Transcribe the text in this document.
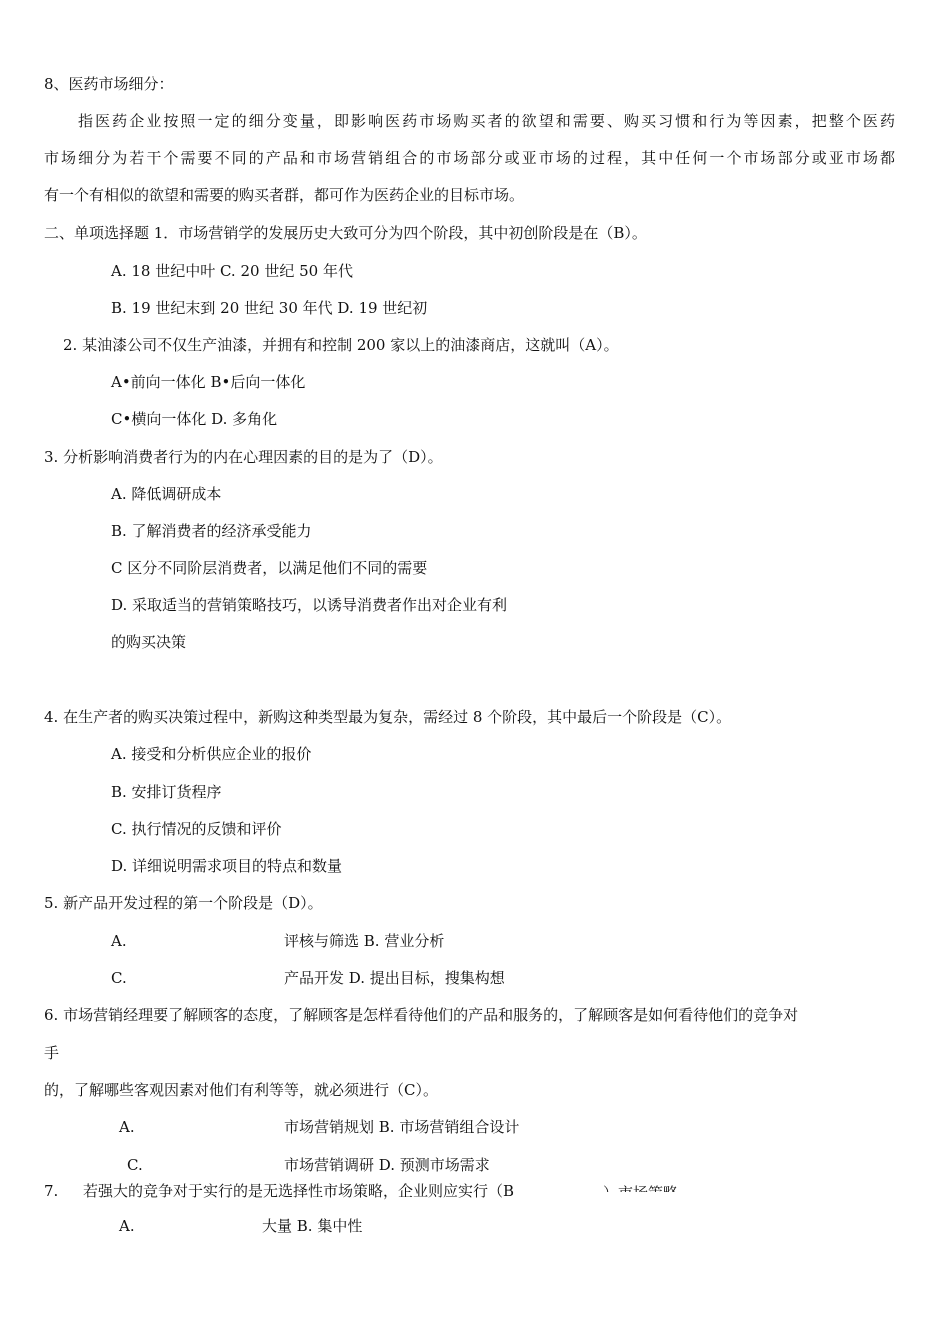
8、医药市场细分：
指医药企业按照一定的细分变量，即影响医药市场购买者的欲望和需要、购买习惯和行为等因素，把整个医药
市场细分为若干个需要不同的产品和市场营销组合的市场部分或亚市场的过程，其中任何一个市场部分或亚市场都
有一个有相似的欲望和需要的购买者群，都可作为医药企业的目标市场。
二、单项选择题 1．市场营销学的发展历史大致可分为四个阶段，其中初创阶段是在（B）。
A. 18 世纪中叶 C. 20 世纪 50 年代
B. 19 世纪末到 20 世纪 30 年代 D. 19 世纪初
2. 某油漆公司不仅生产油漆，并拥有和控制 200 家以上的油漆商店，这就叫（A）。
A•前向一体化 B•后向一体化
C•横向一体化 D. 多角化
3. 分析影响消费者行为的内在心理因素的目的是为了（D）。
A. 降低调研成本
B. 了解消费者的经济承受能力
C 区分不同阶层消费者，以满足他们不同的需要
D. 采取适当的营销策略技巧，以诱导消费者作出对企业有利
的购买决策
4. 在生产者的购买决策过程中，新购这种类型最为复杂，需经过 8 个阶段，其中最后一个阶段是（C）。
A. 接受和分析供应企业的报价
B. 安排订货程序
C. 执行情况的反馈和评价
D. 详细说明需求项目的特点和数量
5. 新产品开发过程的第一个阶段是（D）。
A.	评核与筛选 B. 营业分析
C.	产品开发 D. 提出目标，搜集构想
6. 市场营销经理要了解顾客的态度，了解顾客是怎样看待他们的产品和服务的，了解顾客是如何看待他们的竞争对
手
的，了解哪些客观因素对他们有利等等，就必须进行（C）。
A.	市场营销规划 B. 市场营销组合设计
C.	市场营销调研 D. 预测市场需求
7. 若强大的竞争对于实行的是无选择性市场策略，企业则应实行（B
A.	大量 B. 集中性
